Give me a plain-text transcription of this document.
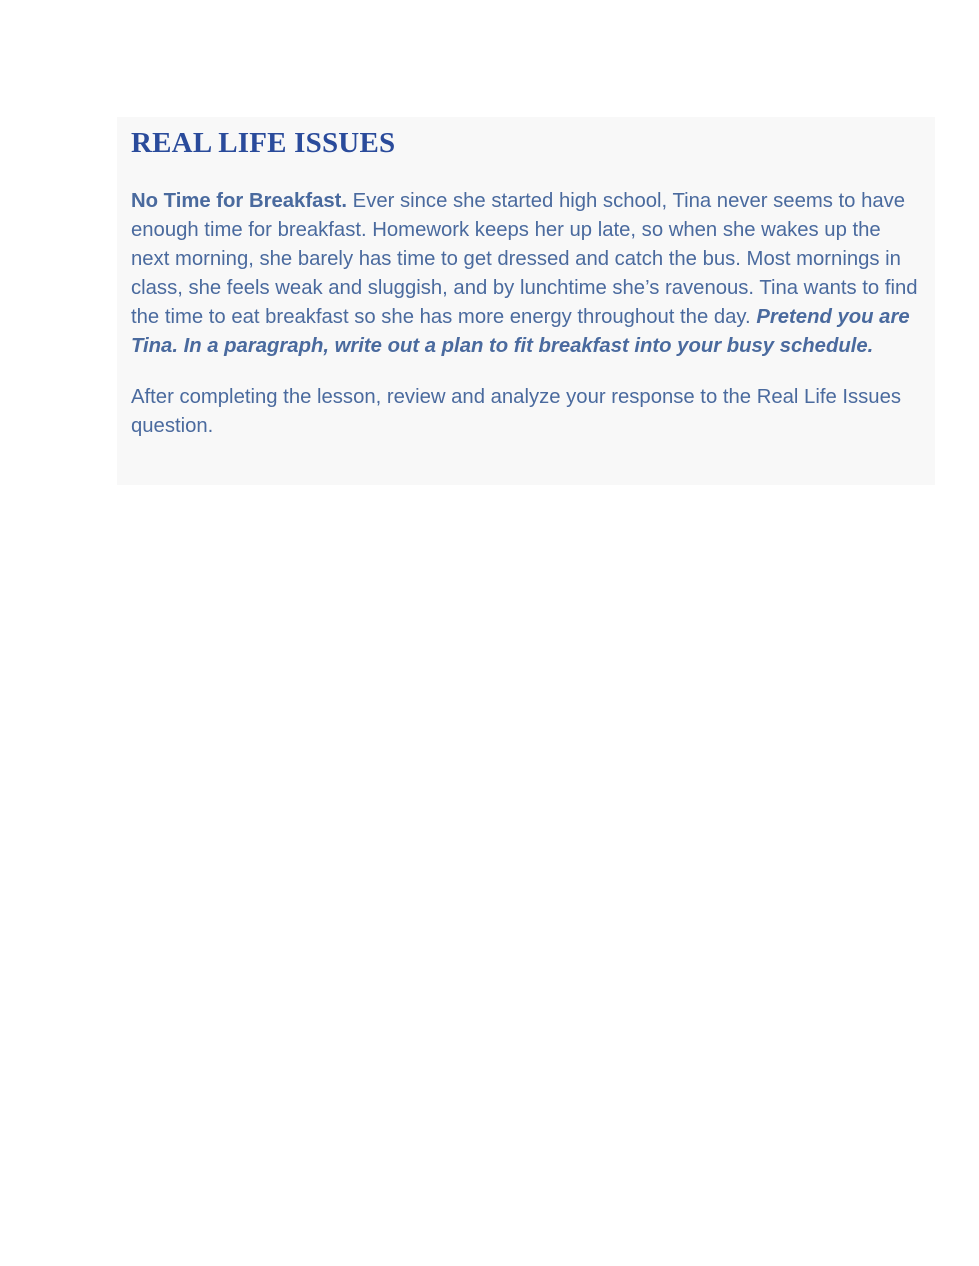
REAL LIFE ISSUES

No Time for Breakfast. Ever since she started high school, Tina never seems to have enough time for breakfast. Homework keeps her up late, so when she wakes up the next morning, she barely has time to get dressed and catch the bus. Most mornings in class, she feels weak and sluggish, and by lunchtime she’s ravenous. Tina wants to find the time to eat breakfast so she has more energy throughout the day. Pretend you are Tina. In a paragraph, write out a plan to fit breakfast into your busy schedule.

After completing the lesson, review and analyze your response to the Real Life Issues question.
